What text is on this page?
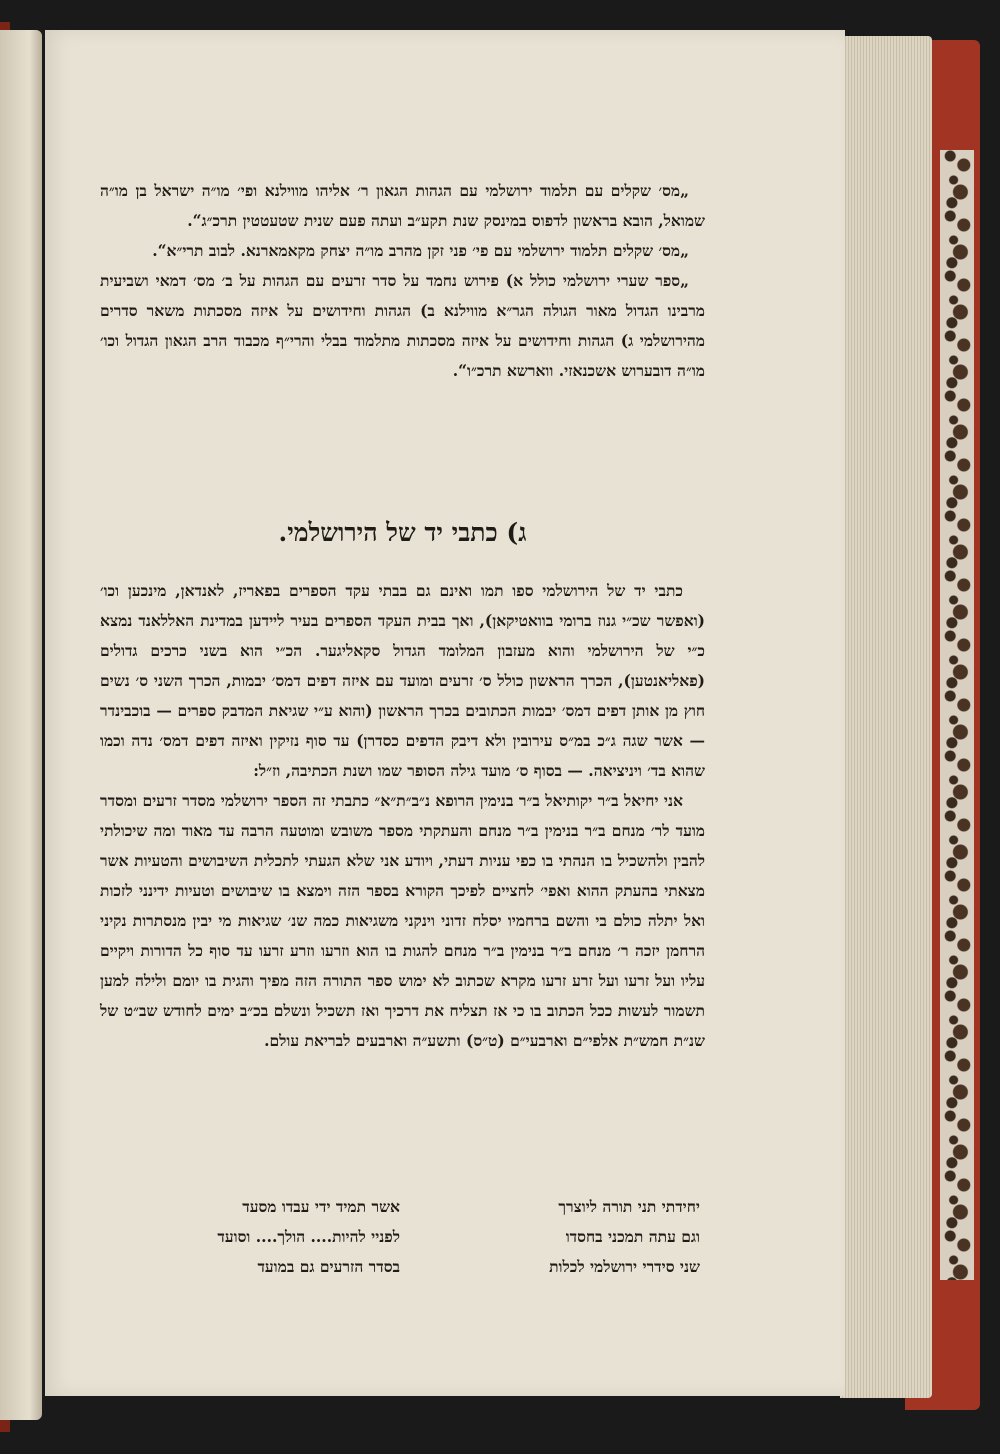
„מס׳ שקלים עם תלמוד ירושלמי עם הגהות הגאון ר׳ אליהו מווילנא ופי׳ מו״ה ישראל בן מו״ה שמואל, הובא בראשון לדפוס במינסק שנת תקע״ב ועתה פעם שנית שטעטטין תרכ״ג“.

„מס׳ שקלים תלמוד ירושלמי עם פי׳ פני זקן מהרב מו״ה יצחק מקאמארנא. לבוב תרי״א“.

„ספר שערי ירושלמי כולל א) פירוש נחמד על סדר זרעים עם הגהות על ב׳ מס׳ דמאי ושביעית מרבינו הגדול מאור הגולה הגר״א מווילנא ב) הגהות וחידושים על איזה מסכתות משאר סדרים מהירושלמי ג) הגהות וחידושים על איזה מסכתות מתלמוד בבלי והרי״ף מכבוד הרב הגאון הגדול וכו׳ מו״ה דובערוש אשכנאזי. ווארשא תרכ״ו“.

ג) כתבי יד של הירושלמי.

כתבי יד של הירושלמי ספו תמו ואינם גם בבתי עקד הספרים בפאריז, לאנדאן, מינכען וכו׳ (ואפשר שכ״י גנוז ברומי בוואטיקאן), ואך בבית העקד הספרים בעיר לײדען במדינת האללאנד נמצא כ״י של הירושלמי והוא מעזבון המלומד הגדול סקאליגער. הכ״י הוא בשני כרכים גדולים (פאליאנטען), הכרך הראשון כולל ס׳ זרעים ומועד עם איזה דפים דמס׳ יבמות, הכרך השני ס׳ נשים חוץ מן אותן דפים דמס׳ יבמות הכתובים בכרך הראשון (והוא ע״י שגיאת המדבק ספרים — בוכבינדר — אשר שגה ג״כ במ״ס עירובין ולא דיבק הדפים כסדרן) עד סוף נזיקין ואיזה דפים דמס׳ נדה וכמו שהוא בד׳ ויניציאה. — בסוף ס׳ מועד גילה הסופר שמו ושנת הכתיבה, וז״ל:

אני יחיאל ב״ר יקותיאל ב״ר בנימין הרופא נ״ב״ת״א״ כתבתי זה הספר ירושלמי מסדר זרעים ומסדר מועד לר׳ מנחם ב״ר בנימין ב״ר מנחם והעתקתי מספר משובש ומוטעה הרבה עד מאוד ומה שיכולתי להבין ולהשכיל בו הנהתי בו כפי עניות דעתי, ויודע אני שלא הגעתי לתכלית השיבושים והטעיות אשר מצאתי בהעתק ההוא ואפי׳ לחציים לפיכך הקורא בספר הזה וימצא בו שיבושים וטעיות ידינני לזכות ואל יתלה כולם בי והשם ברחמיו יסלח זדוני וינקני משגיאות כמה שנ׳ שגיאות מי יבין מנסתרות נקיני הרחמן יזכה ר׳ מנחם ב״ר בנימין ב״ר מנחם להגות בו הוא וזרעו וזרע זרעו עד סוף כל הדורות ויקיים עליו ועל זרעו ועל זרע זרעו מקרא שכתוב לא ימוש ספר התורה הזה מפיך והגית בו יומם ולילה למען תשמור לעשות ככל הכתוב בו כי אז תצליח את דרכיך ואז תשכיל ונשלם בכ״ב ימים לחודש שב״ט של שנ״ת חמש״ת אלפי״ם וארבעי״ם (ט״ס) ותשע״ה וארבעים לבריאת עולם.

יחידתי תני תורה ליוצרך
אשר תמיד ידי עבדו מסעד
וגם עתה תמכני בחסדו
לפניי להיות.... הולך.... וסועד
שני סידרי ירושלמי לכלות
בסדר הזרעים גם במועד
